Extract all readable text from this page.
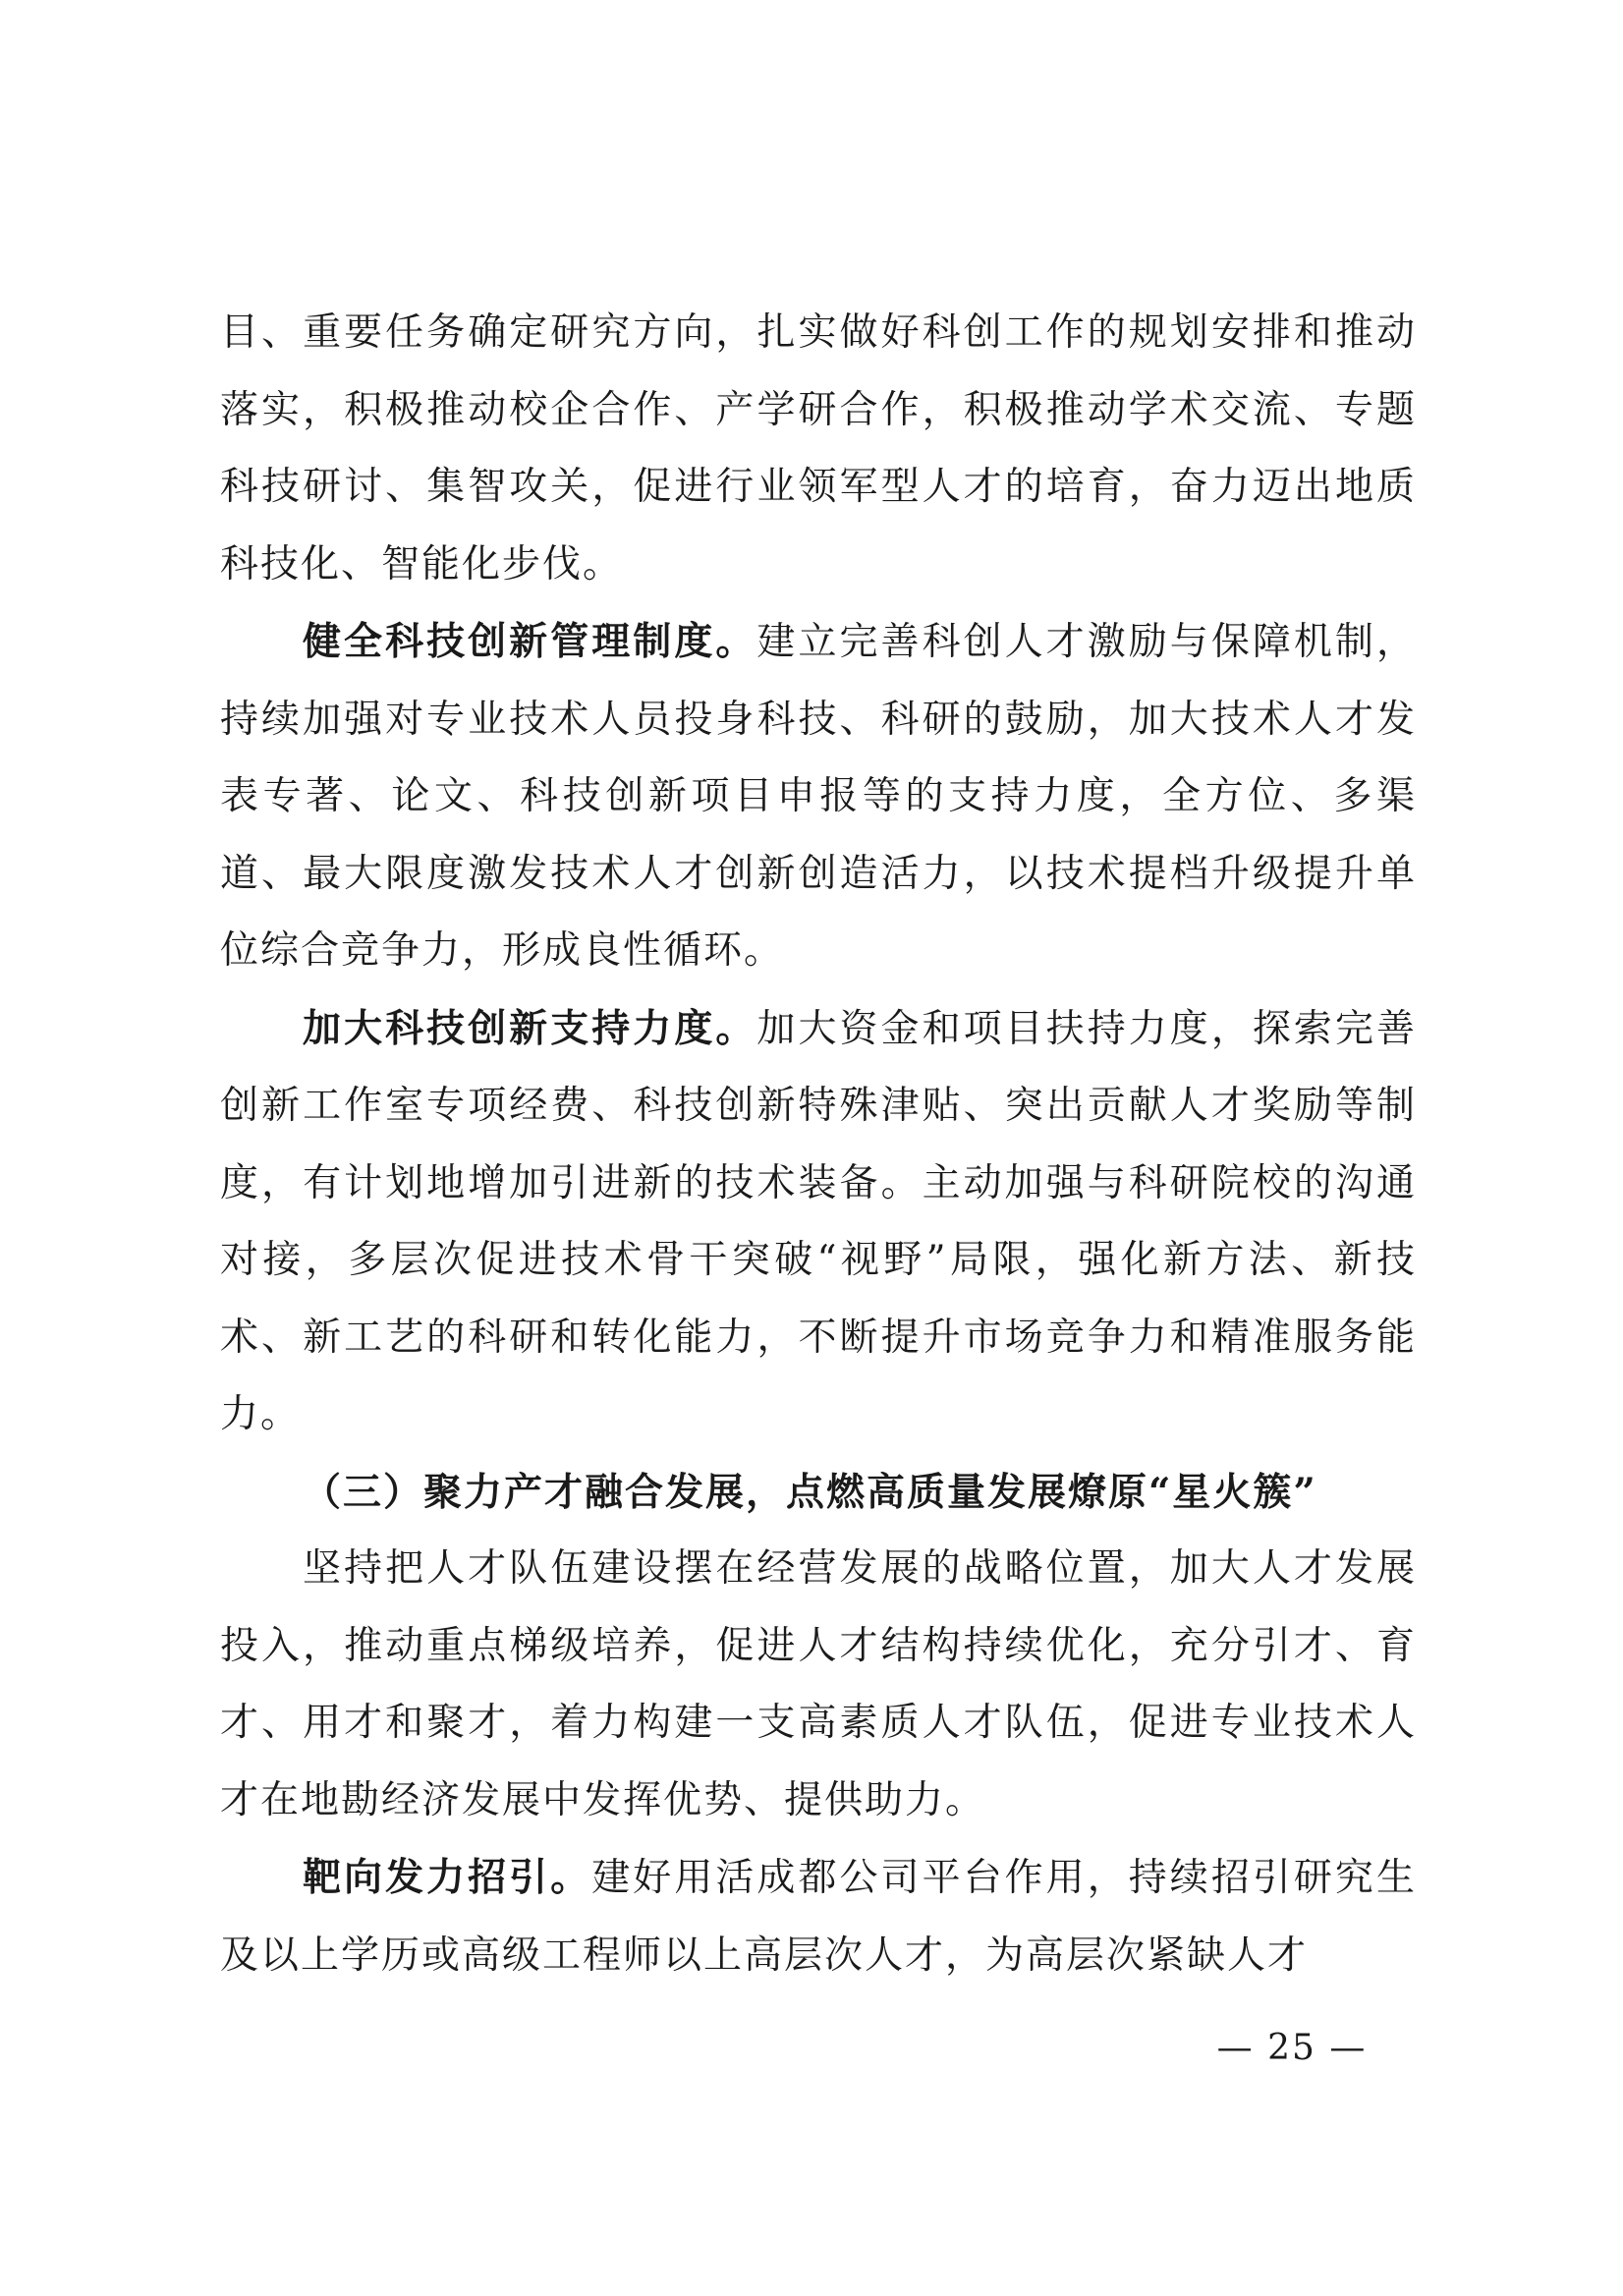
目、重要任务确定研究方向，扎实做好科创工作的规划安排和推动落实，积极推动校企合作、产学研合作，积极推动学术交流、专题科技研讨、集智攻关，促进行业领军型人才的培育，奋力迈出地质科技化、智能化步伐。

健全科技创新管理制度。建立完善科创人才激励与保障机制，持续加强对专业技术人员投身科技、科研的鼓励，加大技术人才发表专著、论文、科技创新项目申报等的支持力度，全方位、多渠道、最大限度激发技术人才创新创造活力，以技术提档升级提升单位综合竞争力，形成良性循环。

加大科技创新支持力度。加大资金和项目扶持力度，探索完善创新工作室专项经费、科技创新特殊津贴、突出贡献人才奖励等制度，有计划地增加引进新的技术装备。主动加强与科研院校的沟通对接，多层次促进技术骨干突破“视野”局限，强化新方法、新技术、新工艺的科研和转化能力，不断提升市场竞争力和精准服务能力。

（三）聚力产才融合发展，点燃高质量发展燎原“星火簇”

坚持把人才队伍建设摆在经营发展的战略位置，加大人才发展投入，推动重点梯级培养，促进人才结构持续优化，充分引才、育才、用才和聚才，着力构建一支高素质人才队伍，促进专业技术人才在地勘经济发展中发挥优势、提供助力。

靶向发力招引。建好用活成都公司平台作用，持续招引研究生及以上学历或高级工程师以上高层次人才，为高层次紧缺人才

— 25 —
